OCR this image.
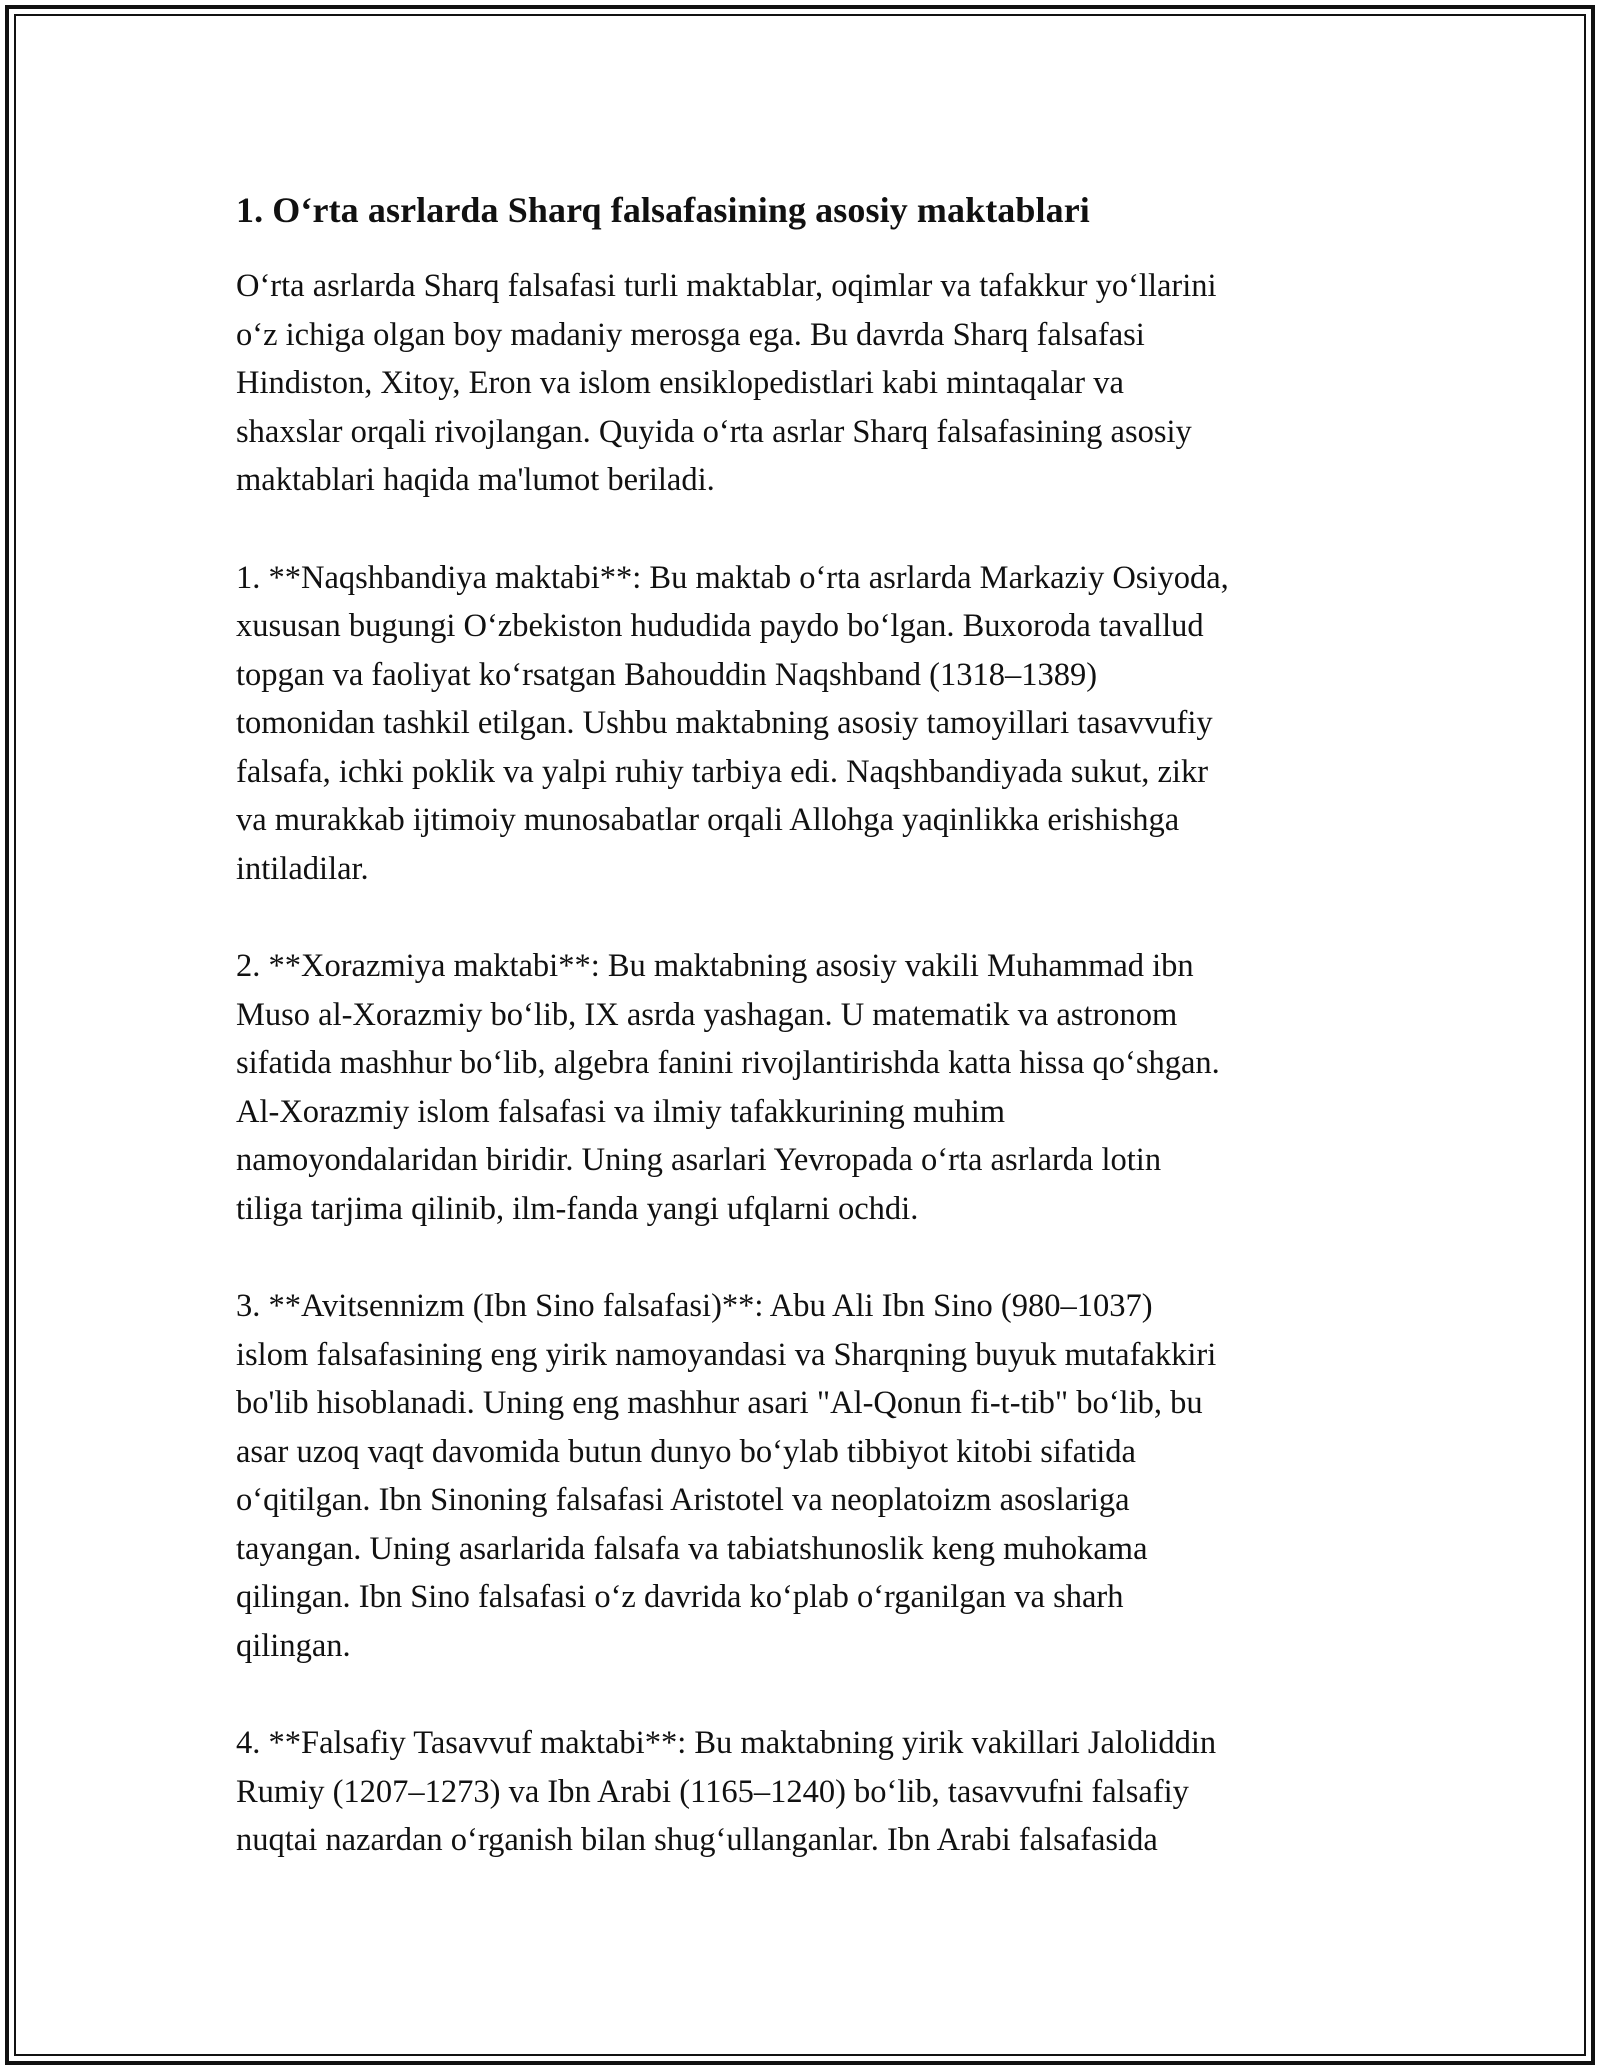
1. O‘rta asrlarda Sharq falsafasining asosiy maktablari

O‘rta asrlarda Sharq falsafasi turli maktablar, oqimlar va tafakkur yo‘llarini
o‘z ichiga olgan boy madaniy merosga ega. Bu davrda Sharq falsafasi
Hindiston, Xitoy, Eron va islom ensiklopedistlari kabi mintaqalar va
shaxslar orqali rivojlangan. Quyida o‘rta asrlar Sharq falsafasining asosiy
maktablari haqida ma'lumot beriladi.

1. **Naqshbandiya maktabi**: Bu maktab o‘rta asrlarda Markaziy Osiyoda,
xususan bugungi O‘zbekiston hududida paydo bo‘lgan. Buxoroda tavallud
topgan va faoliyat ko‘rsatgan Bahouddin Naqshband (1318–1389)
tomonidan tashkil etilgan. Ushbu maktabning asosiy tamoyillari tasavvufiy
falsafa, ichki poklik va yalpi ruhiy tarbiya edi. Naqshbandiyada sukut, zikr
va murakkab ijtimoiy munosabatlar orqali Allohga yaqinlikka erishishga
intiladilar.

2. **Xorazmiya maktabi**: Bu maktabning asosiy vakili Muhammad ibn
Muso al-Xorazmiy bo‘lib, IX asrda yashagan. U matematik va astronom
sifatida mashhur bo‘lib, algebra fanini rivojlantirishda katta hissa qo‘shgan.
Al-Xorazmiy islom falsafasi va ilmiy tafakkurining muhim
namoyondalaridan biridir. Uning asarlari Yevropada o‘rta asrlarda lotin
tiliga tarjima qilinib, ilm-fanda yangi ufqlarni ochdi.

3. **Avitsennizm (Ibn Sino falsafasi)**: Abu Ali Ibn Sino (980–1037)
islom falsafasining eng yirik namoyandasi va Sharqning buyuk mutafakkiri
bo'lib hisoblanadi. Uning eng mashhur asari "Al-Qonun fi-t-tib" bo‘lib, bu
asar uzoq vaqt davomida butun dunyo bo‘ylab tibbiyot kitobi sifatida
o‘qitilgan. Ibn Sinoning falsafasi Aristotel va neoplatoizm asoslariga
tayangan. Uning asarlarida falsafa va tabiatshunoslik keng muhokama
qilingan. Ibn Sino falsafasi o‘z davrida ko‘plab o‘rganilgan va sharh
qilingan.

4. **Falsafiy Tasavvuf maktabi**: Bu maktabning yirik vakillari Jaloliddin
Rumiy (1207–1273) va Ibn Arabi (1165–1240) bo‘lib, tasavvufni falsafiy
nuqtai nazardan o‘rganish bilan shug‘ullanganlar. Ibn Arabi falsafasida
